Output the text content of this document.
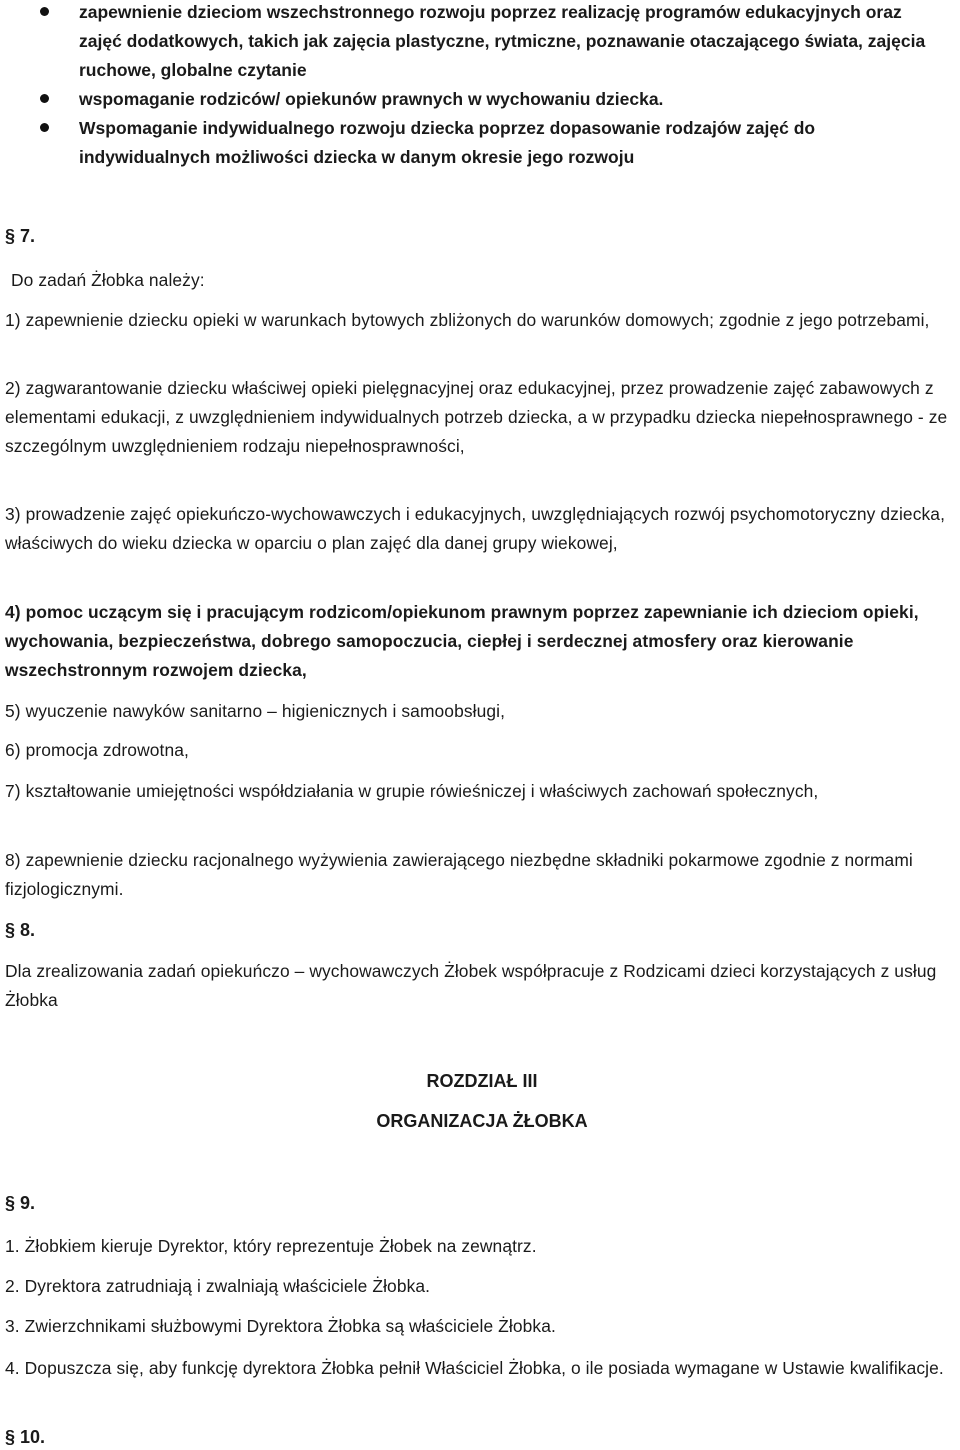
zapewnienie dzieciom wszechstronnego rozwoju poprzez realizację programów edukacyjnych oraz zajęć dodatkowych, takich jak zajęcia plastyczne, rytmiczne, poznawanie otaczającego świata, zajęcia ruchowe, globalne czytanie
wspomaganie rodziców/ opiekunów prawnych w wychowaniu dziecka.
Wspomaganie indywidualnego rozwoju dziecka poprzez dopasowanie rodzajów zajęć do indywidualnych możliwości dziecka w danym okresie jego rozwoju
§ 7.
Do zadań Żłobka należy:
1) zapewnienie dziecku opieki w warunkach bytowych zbliżonych do warunków domowych; zgodnie z jego potrzebami,
2) zagwarantowanie dziecku właściwej opieki pielęgnacyjnej oraz edukacyjnej, przez prowadzenie zajęć zabawowych z elementami edukacji, z uwzględnieniem indywidualnych potrzeb dziecka, a w przypadku dziecka niepełnosprawnego - ze szczególnym uwzględnieniem rodzaju niepełnosprawności,
3) prowadzenie zajęć opiekuńczo-wychowawczych i edukacyjnych, uwzględniających rozwój psychomotoryczny dziecka, właściwych do wieku dziecka w oparciu o plan zajęć dla danej grupy wiekowej,
4) pomoc uczącym się i pracującym rodzicom/opiekunom prawnym poprzez zapewnianie ich dzieciom opieki, wychowania, bezpieczeństwa, dobrego samopoczucia, ciepłej i serdecznej atmosfery oraz kierowanie wszechstronnym rozwojem dziecka,
5) wyuczenie nawyków sanitarno – higienicznych i samoobsługi,
6) promocja zdrowotna,
7) kształtowanie umiejętności współdziałania w grupie rówieśniczej i właściwych zachowań społecznych,
8) zapewnienie dziecku racjonalnego wyżywienia zawierającego niezbędne składniki pokarmowe zgodnie z normami fizjologicznymi.
§ 8.
Dla zrealizowania zadań opiekuńczo – wychowawczych Żłobek współpracuje z Rodzicami dzieci korzystających z usług Żłobka
ROZDZIAŁ III
ORGANIZACJA ŻŁOBKA
§ 9.
1. Żłobkiem kieruje Dyrektor, który reprezentuje Żłobek na zewnątrz.
2. Dyrektora zatrudniają i zwalniają właściciele Żłobka.
3. Zwierzchnikami służbowymi Dyrektora Żłobka są właściciele Żłobka.
4. Dopuszcza się, aby funkcję dyrektora Żłobka pełnił Właściciel Żłobka, o ile posiada wymagane w Ustawie kwalifikacje.
§ 10.
